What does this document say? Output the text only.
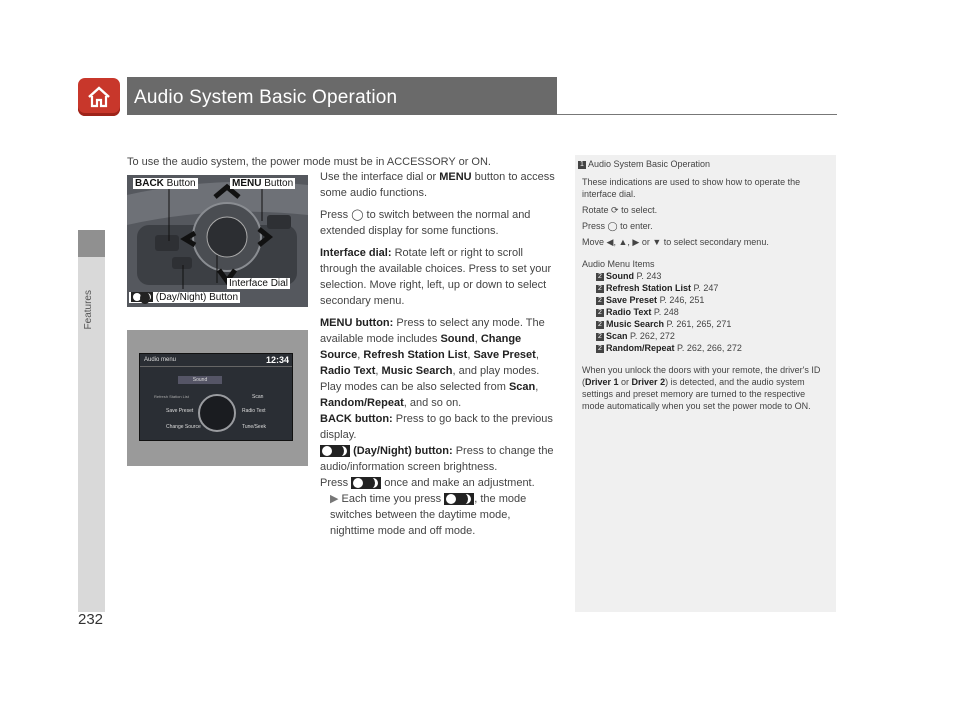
Audio System Basic Operation
Features
232
To use the audio system, the power mode must be in ACCESSORY or ON.
BACK Button	MENU Button
Interface Dial
(Day/Night) Button
Audio menu	12:34
Sound
Refresh Station List	Scan
Save Preset	Radio Text
Change Source	Tune/Seek
Use the interface dial or MENU button to access some audio functions.
Press ◯ to switch between the normal and extended display for some functions.
Interface dial: Rotate left or right to scroll through the available choices. Press to set your selection. Move right, left, up or down to select secondary menu.
MENU button: Press to select any mode. The available mode includes Sound, Change Source, Refresh Station List, Save Preset, Radio Text, Music Search, and play modes. Play modes can be also selected from Scan, Random/Repeat, and so on.
BACK button: Press to go back to the previous display.
(Day/Night) button: Press to change the audio/information screen brightness.
Press	once and make an adjustment.
▶ Each time you press	, the mode switches between the daytime mode, nighttime mode and off mode.
1 Audio System Basic Operation
These indications are used to show how to operate the interface dial.
Rotate ⟳ to select.
Press ◯ to enter.
Move ◀, ▲, ▶ or ▼ to select secondary menu.
Audio Menu Items
2 Sound P. 243
2 Refresh Station List P. 247
2 Save Preset P. 246, 251
2 Radio Text P. 248
2 Music Search P. 261, 265, 271
2 Scan P. 262, 272
2 Random/Repeat P. 262, 266, 272
When you unlock the doors with your remote, the driver's ID (Driver 1 or Driver 2) is detected, and the audio system settings and preset memory are turned to the respective mode automatically when you set the power mode to ON.
